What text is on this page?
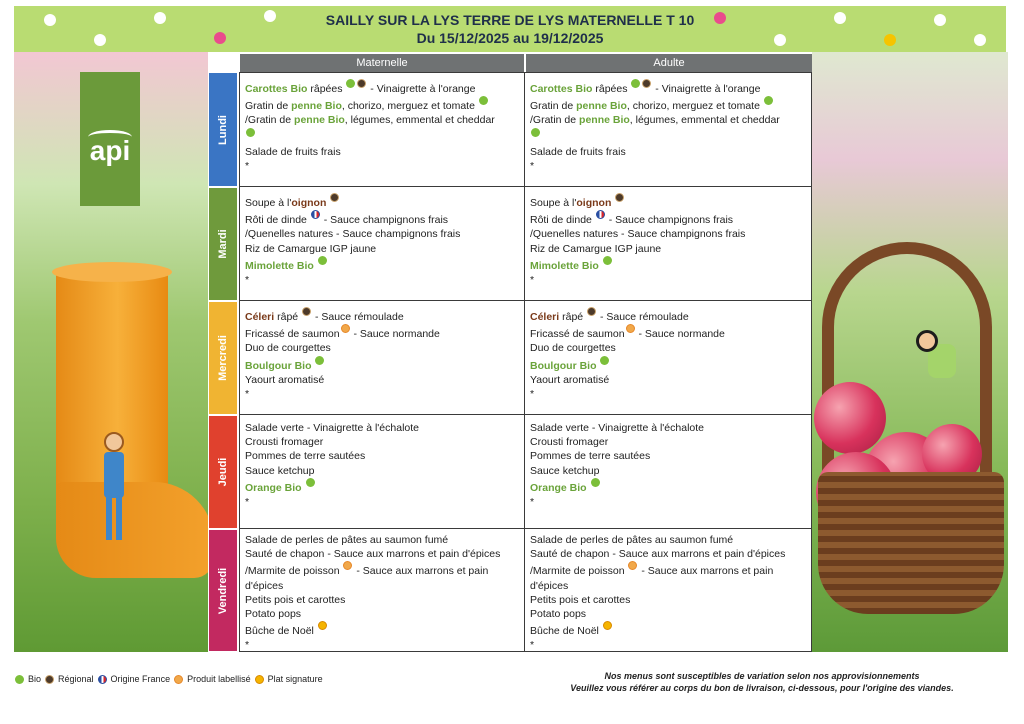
SAILLY SUR LA LYS TERRE DE LYS MATERNELLE T 10
Du 15/12/2025 au 19/12/2025
api
Maternelle	Adulte
Lundi
Mardi
Mercredi
Jeudi
Vendredi
Carottes Bio râpées  - Vinaigrette à l'orange
Gratin de penne Bio, chorizo, merguez et tomate
/Gratin de penne Bio, légumes, emmental et cheddar
Salade de fruits frais
*
Carottes Bio râpées  - Vinaigrette à l'orange
Gratin de penne Bio, chorizo, merguez et tomate
/Gratin de penne Bio, légumes, emmental et cheddar
Salade de fruits frais
*
Soupe à l'oignon
Rôti de dinde  - Sauce champignons frais
/Quenelles natures - Sauce champignons frais
Riz de Camargue IGP jaune
Mimolette Bio
*
Soupe à l'oignon
Rôti de dinde  - Sauce champignons frais
/Quenelles natures - Sauce champignons frais
Riz de Camargue IGP jaune
Mimolette Bio
*
Céleri râpé  - Sauce rémoulade
Fricassé de saumon - Sauce normande
Duo de courgettes
Boulgour Bio
Yaourt aromatisé
*
Céleri râpé  - Sauce rémoulade
Fricassé de saumon - Sauce normande
Duo de courgettes
Boulgour Bio
Yaourt aromatisé
*
Salade verte - Vinaigrette à l'échalote
Crousti fromager
Pommes de terre sautées
Sauce ketchup
Orange Bio
*
Salade verte - Vinaigrette à l'échalote
Crousti fromager
Pommes de terre sautées
Sauce ketchup
Orange Bio
*
Salade de perles de pâtes au saumon fumé
Sauté de chapon - Sauce aux marrons et pain d'épices
/Marmite de poisson  - Sauce aux marrons et pain
d'épices
Petits pois et carottes
Potato pops
Bûche de Noël
*
Salade de perles de pâtes au saumon fumé
Sauté de chapon - Sauce aux marrons et pain d'épices
/Marmite de poisson  - Sauce aux marrons et pain
d'épices
Petits pois et carottes
Potato pops
Bûche de Noël
*
Bio Régional Origine France Produit labellisé Plat signature	Nos menus sont susceptibles de variation selon nos approvisionnements
Veuillez vous référer au corps du bon de livraison, ci-dessous, pour l'origine des viandes.
